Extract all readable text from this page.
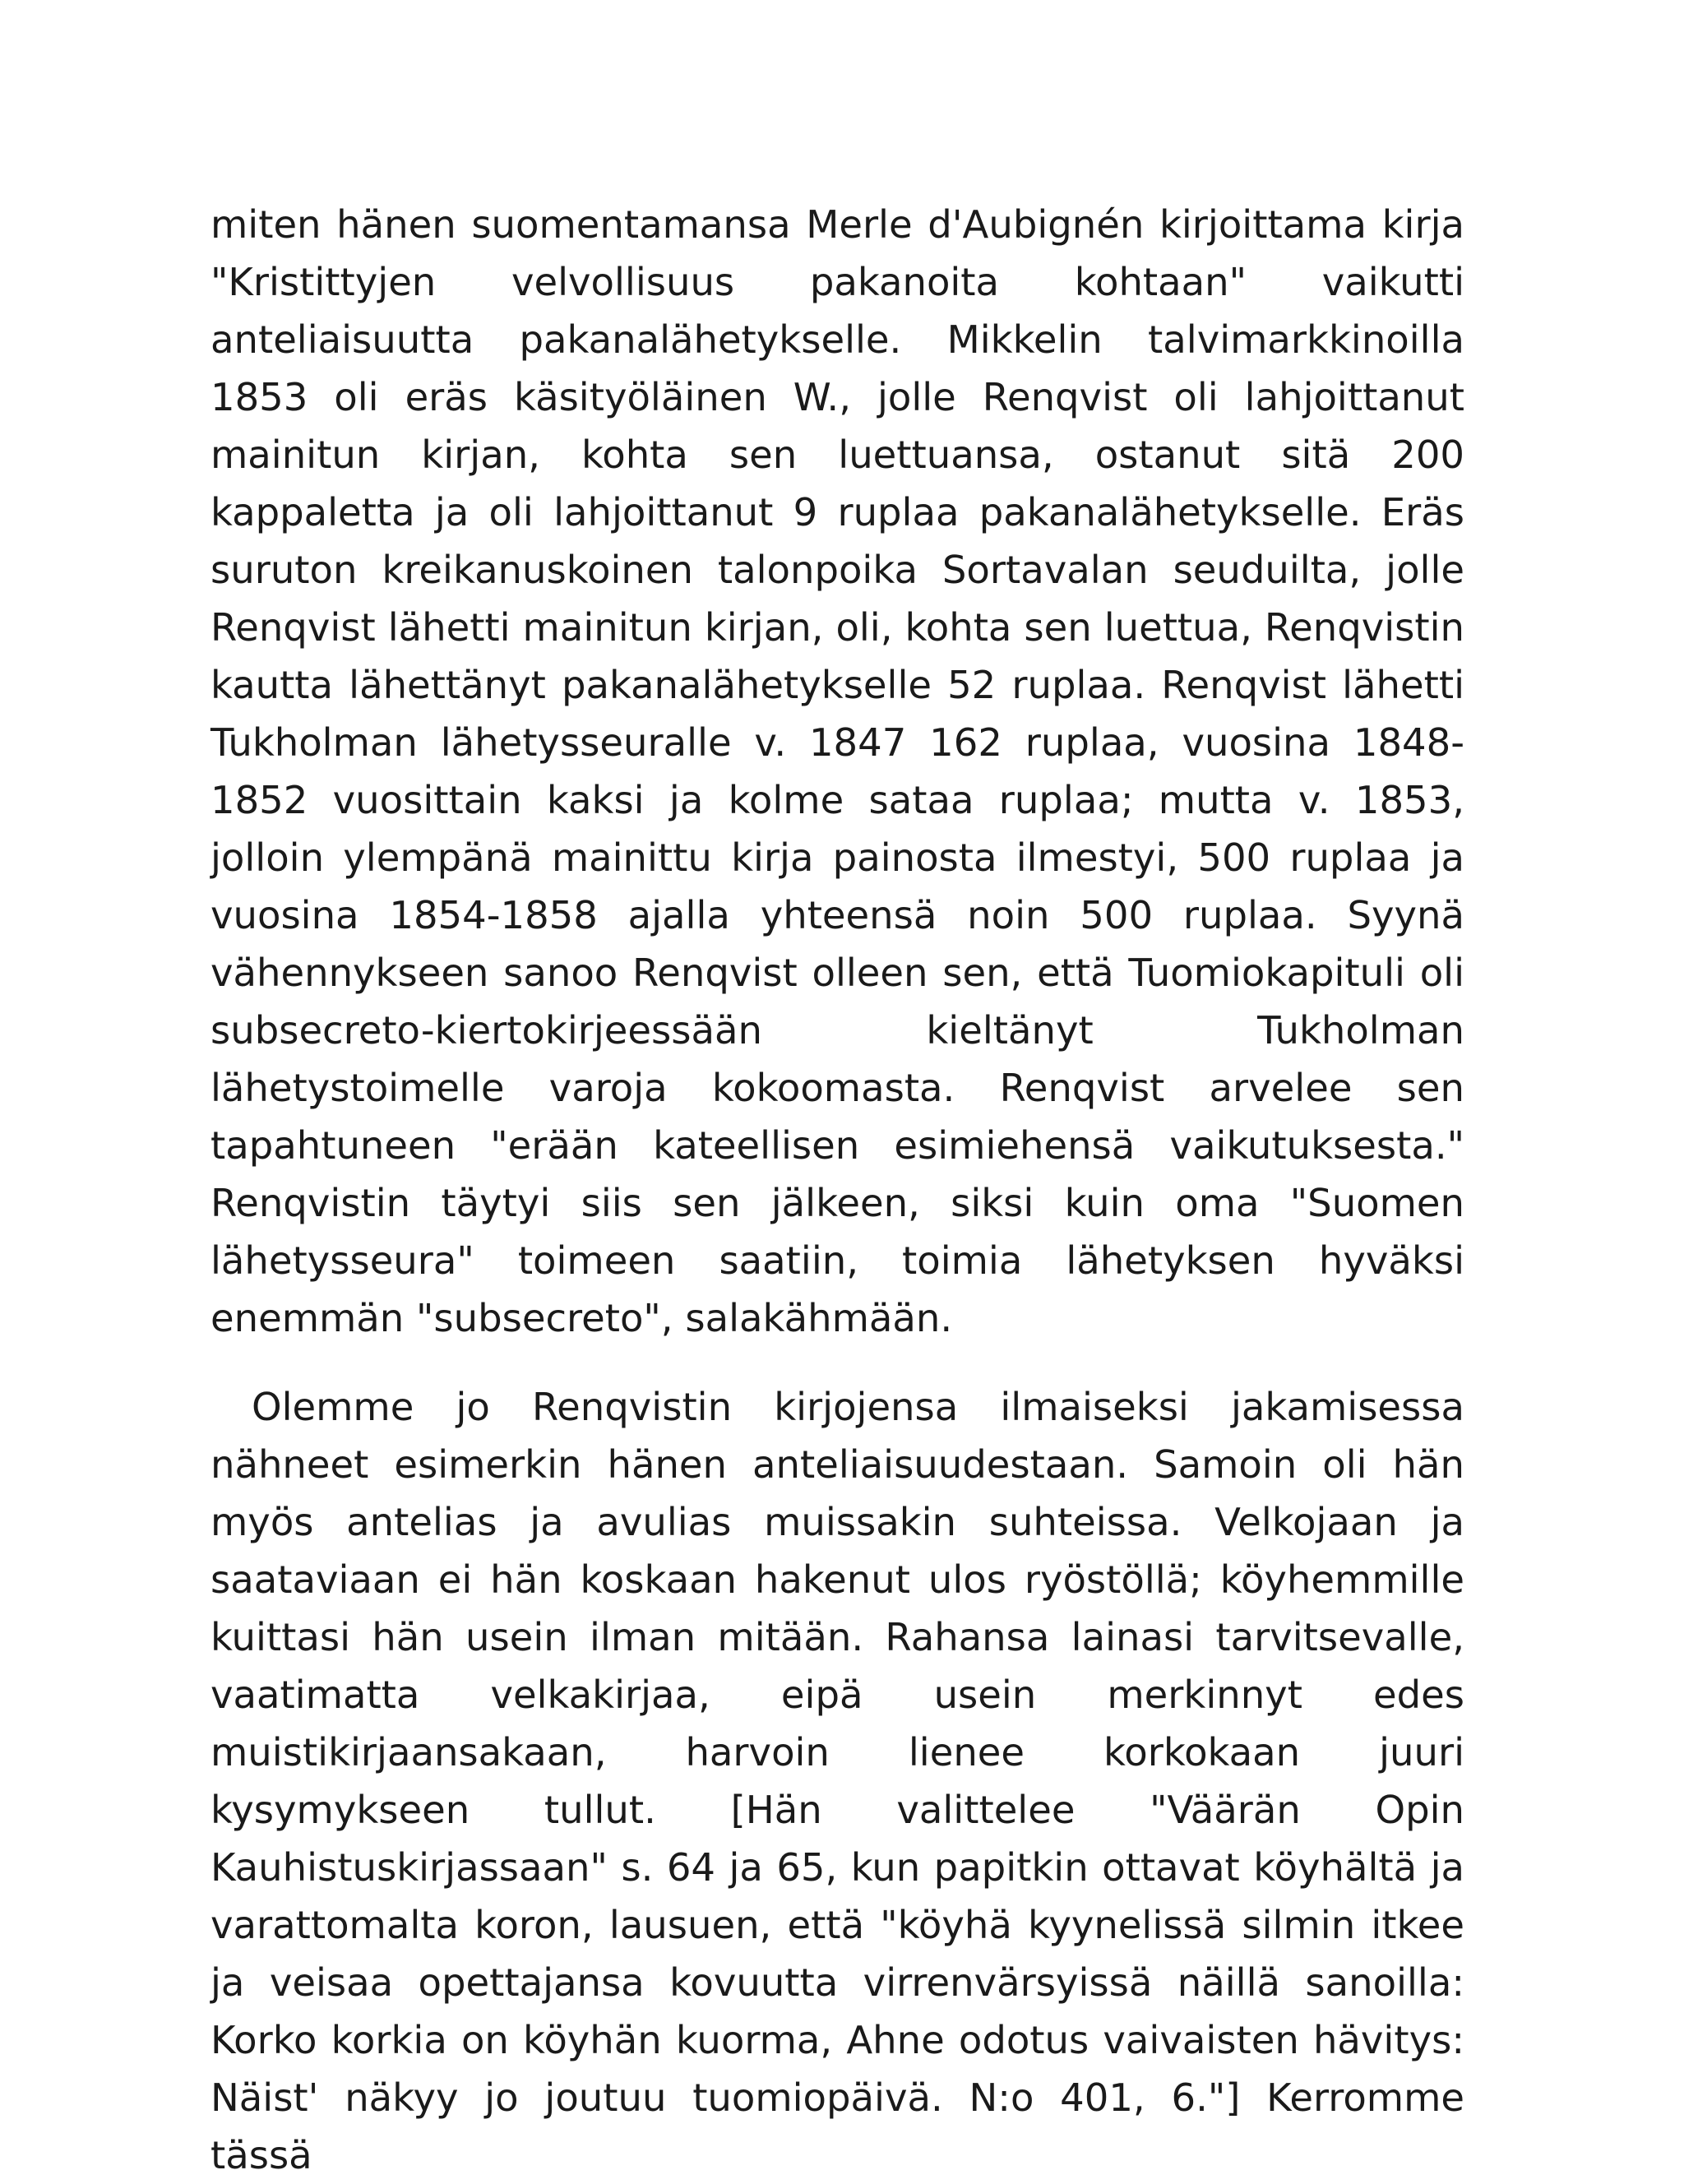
miten hänen suomentamansa Merle d'Aubignén kirjoittama kirja "Kristittyjen velvollisuus pakanoita kohtaan" vaikutti anteliaisuutta pakanalähetykselle. Mikkelin talvimarkkinoilla 1853 oli eräs käsityöläinen W., jolle Renqvist oli lahjoittanut mainitun kirjan, kohta sen luettuansa, ostanut sitä 200 kappaletta ja oli lahjoittanut 9 ruplaa pakanalähetykselle. Eräs suruton kreikanuskoinen talonpoika Sortavalan seuduilta, jolle Renqvist lähetti mainitun kirjan, oli, kohta sen luettua, Renqvistin kautta lähettänyt pakanalähetykselle 52 ruplaa. Renqvist lähetti Tukholman lähetysseuralle v. 1847 162 ruplaa, vuosina 1848-1852 vuosittain kaksi ja kolme sataa ruplaa; mutta v. 1853, jolloin ylempänä mainittu kirja painosta ilmestyi, 500 ruplaa ja vuosina 1854-1858 ajalla yhteensä noin 500 ruplaa. Syynä vähennykseen sanoo Renqvist olleen sen, että Tuomiokapituli oli subsecreto-kiertokirjeessään kieltänyt Tukholman lähetystoimelle varoja kokoomasta. Renqvist arvelee sen tapahtuneen "erään kateellisen esimiehensä vaikutuksesta." Renqvistin täytyi siis sen jälkeen, siksi kuin oma "Suomen lähetysseura" toimeen saatiin, toimia lähetyksen hyväksi enemmän "subsecreto", salakähmään.

Olemme jo Renqvistin kirjojensa ilmaiseksi jakamisessa nähneet esimerkin hänen anteliaisuudestaan. Samoin oli hän myös antelias ja avulias muissakin suhteissa. Velkojaan ja saataviaan ei hän koskaan hakenut ulos ryöstöllä; köyhemmille kuittasi hän usein ilman mitään. Rahansa lainasi tarvitsevalle, vaatimatta velkakirjaa, eipä usein merkinnyt edes muistikirjaansakaan, harvoin lienee korkokaan juuri kysymykseen tullut. [Hän valittelee "Väärän Opin Kauhistuskirjassaan" s. 64 ja 65, kun papitkin ottavat köyhältä ja varattomalta koron, lausuen, että "köyhä kyynelissä silmin itkee ja veisaa opettajansa kovuutta virrenvärsyissä näillä sanoilla: Korko korkia on köyhän kuorma, Ahne odotus vaivaisten hävitys: Näist' näkyy jo joutuu tuomiopäivä. N:o 401, 6."] Kerromme tässä
